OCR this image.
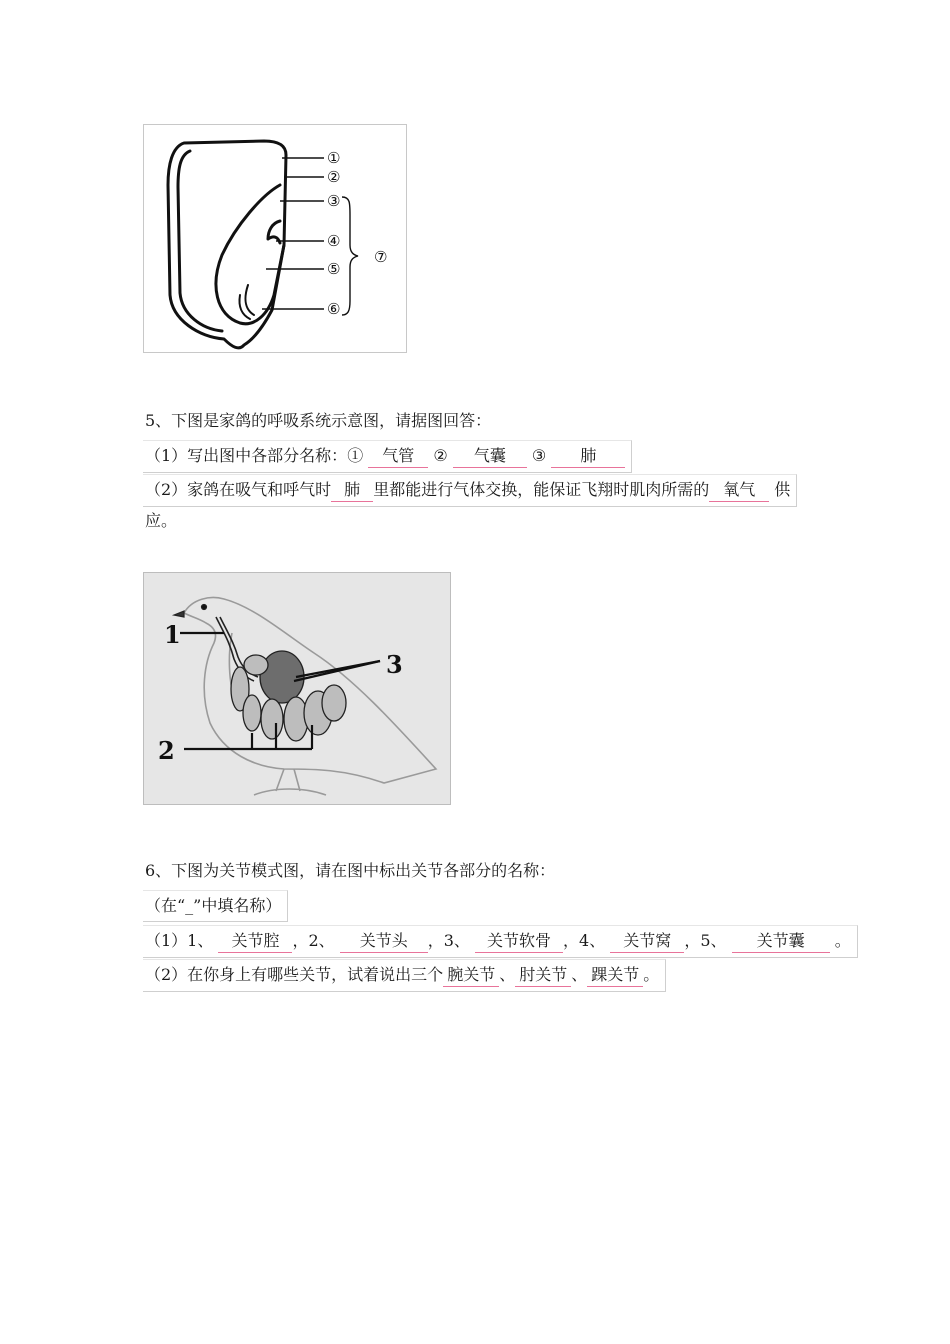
①
②
③
④
⑤
⑥
⑦
5、下图是家鸽的呼吸系统示意图，请据图回答：
（1）写出图中各部分名称：① 气管 ② 气囊 ③ 肺
（2）家鸽在吸气和呼气时 肺 里都能进行气体交换，能保证飞翔时肌肉所需的 氧气 供
应。
1
2
3
6、下图为关节模式图，请在图中标出关节各部分的名称：
（在“_”中填名称）
（1）1、 关节腔 ，2、 关节头 ，3、 关节软骨 ，4、 关节窝 ，5、 关节囊 。
（2）在你身上有哪些关节，试着说出三个 腕关节 、 肘关节 、 踝关节 。
